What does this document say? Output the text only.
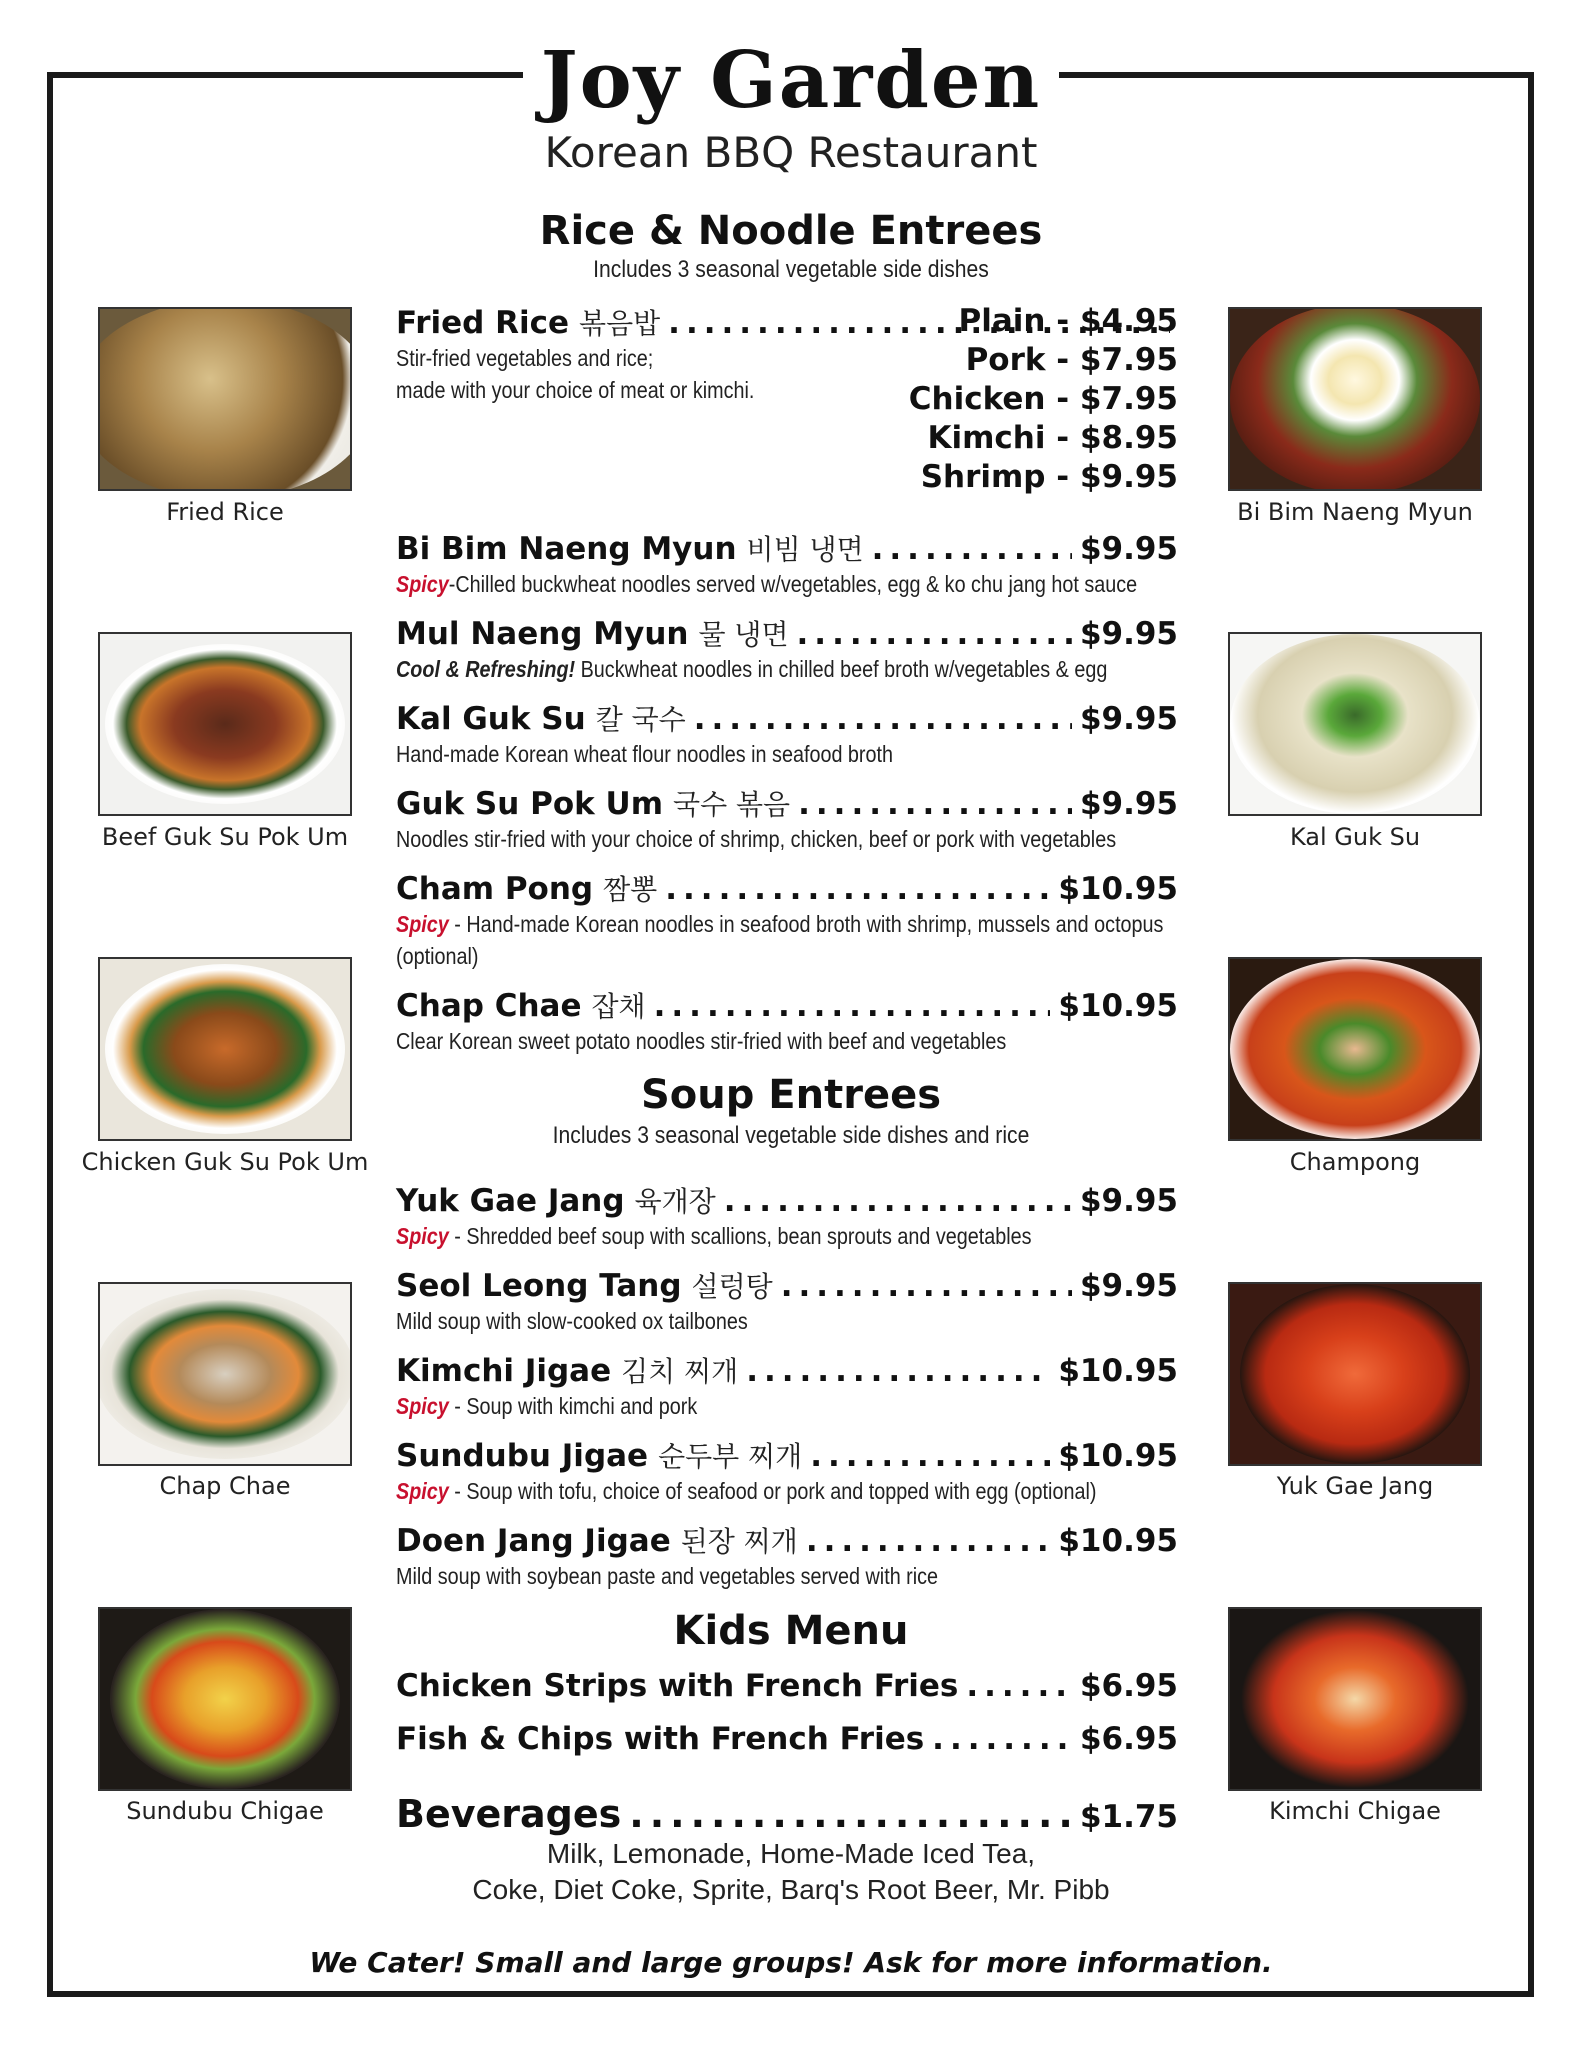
Joy Garden
Korean BBQ Restaurant
Rice & Noodle Entrees
Includes 3 seasonal vegetable side dishes
Fried Rice 볶음밥
.....
Stir-fried vegetables and rice;
made with your choice of meat or kimchi.
Plain - $4.95
Pork - $7.95
Chicken - $7.95
Kimchi - $8.95
Shrimp - $9.95
Bi Bim Naeng Myun 비빔 냉면 .....	$9.95
Spicy-Chilled buckwheat noodles served w/vegetables, egg & ko chu jang hot sauce
Mul Naeng Myun 물 냉면 .....	$9.95
Cool & Refreshing! Buckwheat noodles in chilled beef broth w/vegetables & egg
Kal Guk Su 칼 국수 .....	$9.95
Hand-made Korean wheat flour noodles in seafood broth
Guk Su Pok Um 국수 볶음 .....	$9.95
Noodles stir-fried with your choice of shrimp, chicken, beef or pork with vegetables
Cham Pong 짬뽕 .....	$10.95
Spicy - Hand-made Korean noodles in seafood broth with shrimp, mussels and octopus (optional)
Chap Chae 잡채 .....	$10.95
Clear Korean sweet potato noodles stir-fried with beef and vegetables
Soup Entrees
Includes 3 seasonal vegetable side dishes and rice
Yuk Gae Jang 육개장 .....	$9.95
Spicy - Shredded beef soup with scallions, bean sprouts and vegetables
Seol Leong Tang 설렁탕 .....	$9.95
Mild soup with slow-cooked ox tailbones
Kimchi Jigae 김치 찌개 .....	$10.95
Spicy - Soup with kimchi and pork
Sundubu Jigae 순두부 찌개 .....	$10.95
Spicy - Soup with tofu, choice of seafood or pork and topped with egg (optional)
Doen Jang Jigae 된장 찌개 .....	$10.95
Mild soup with soybean paste and vegetables served with rice
Kids Menu
Chicken Strips with French Fries .....	$6.95
Fish & Chips with French Fries .....	$6.95
Beverages .....	$1.75
Milk, Lemonade, Home-Made Iced Tea,
Coke, Diet Coke, Sprite, Barq's Root Beer, Mr. Pibb
We Cater! Small and large groups! Ask for more information.
Fried Rice
Beef Guk Su Pok Um
Chicken Guk Su Pok Um
Chap Chae
Sundubu Chigae
Bi Bim Naeng Myun
Kal Guk Su
Champong
Yuk Gae Jang
Kimchi Chigae
